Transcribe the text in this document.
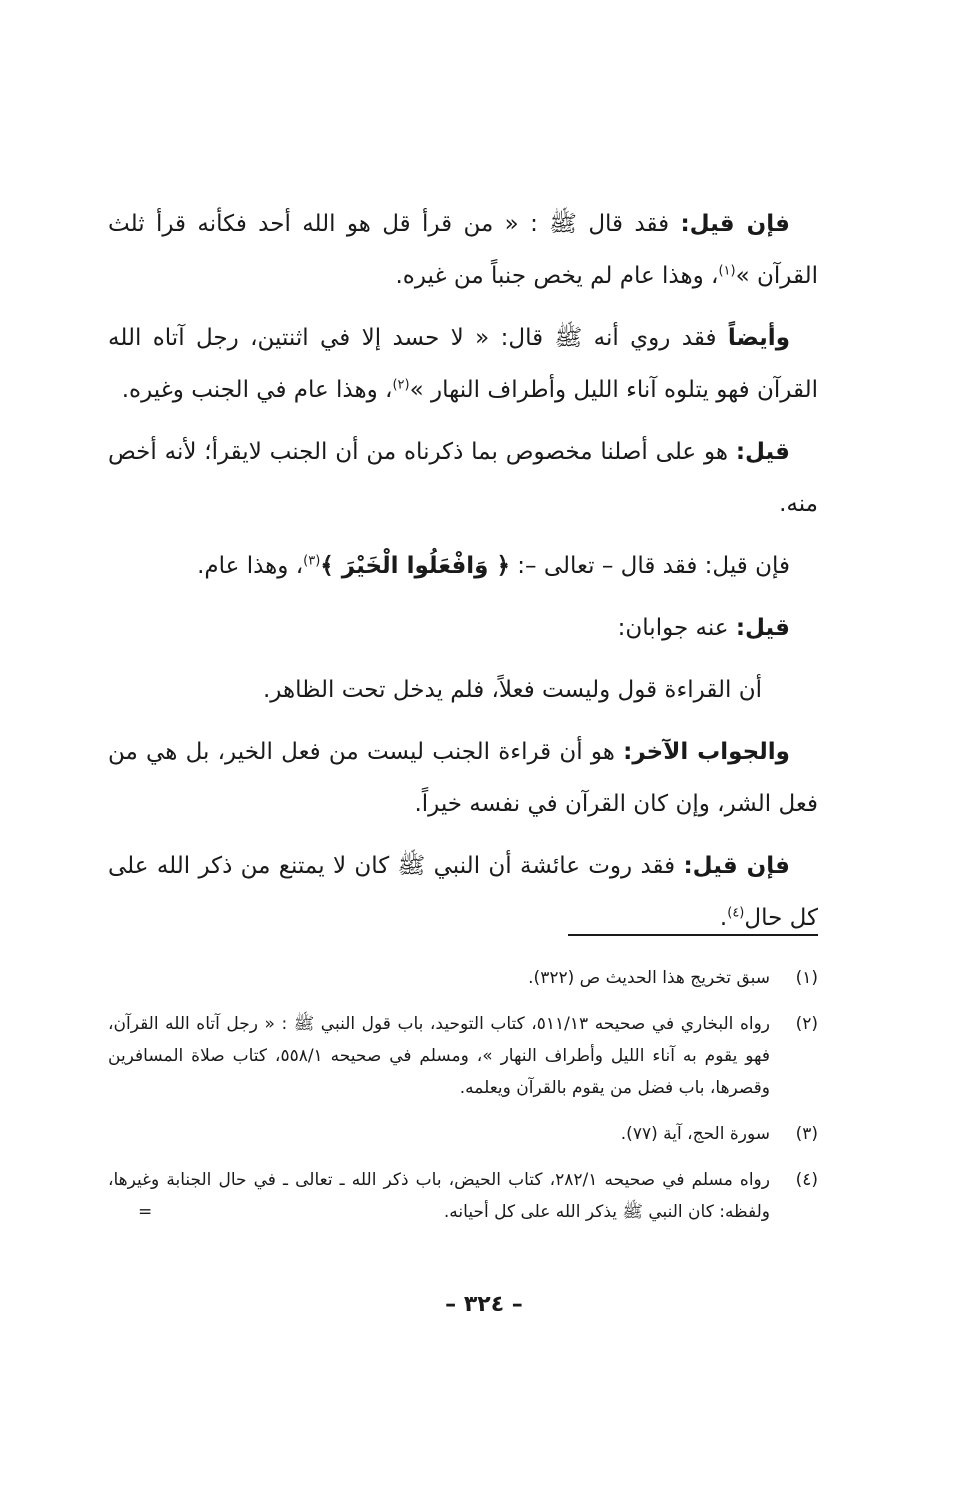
فإن قيل: فقد قال ﷺ : « من قرأ قل هو الله أحد فكأنه قرأ ثلث القرآن »$^{(١)}$، وهذا عام لم يخص جنباً من غيره.

وأيضاً فقد روي أنه ﷺ قال: « لا حسد إلا في اثنتين، رجل آتاه الله القرآن فهو يتلوه آناء الليل وأطراف النهار »$^{(٢)}$، وهذا عام في الجنب وغيره.

قيل: هو على أصلنا مخصوص بما ذكرناه من أن الجنب لايقرأ؛ لأنه أخص منه.

فإن قيل: فقد قال – تعالى –: ﴿ وَافْعَلُوا الْخَيْرَ ﴾$^{(٣)}$، وهذا عام.

قيل: عنه جوابان:

أن القراءة قول وليست فعلاً، فلم يدخل تحت الظاهر.

والجواب الآخر: هو أن قراءة الجنب ليست من فعل الخير، بل هي من فعل الشر، وإن كان القرآن في نفسه خيراً.

فإن قيل: فقد روت عائشة أن النبي ﷺ كان لا يمتنع من ذكر الله على كل حال$^{(٤)}$.

(١)
سبق تخريج هذا الحديث ص (٣٢٢).
(٢)
رواه البخاري في صحيحه ٥١١/١٣، كتاب التوحيد، باب قول النبي ﷺ : « رجل آتاه الله القرآن، فهو يقوم به آناء الليل وأطراف النهار »، ومسلم في صحيحه ٥٥٨/١، كتاب صلاة المسافرين وقصرها، باب فضل من يقوم بالقرآن ويعلمه.
(٣)
سورة الحج، آية (٧٧).
(٤)
رواه مسلم في صحيحه ٢٨٢/١، كتاب الحيض، باب ذكر الله ـ تعالى ـ في حال الجنابة وغيرها، ولفظه: كان النبي ﷺ يذكر الله على كل أحيانه.
=
– ٣٢٤ –
